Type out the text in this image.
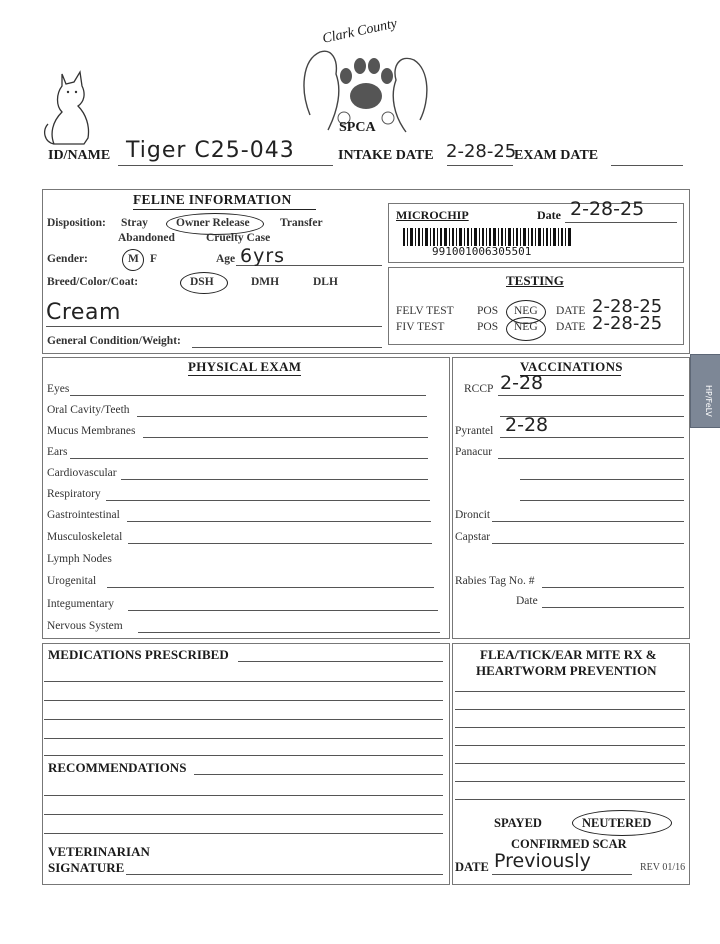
Clark County
SPCA
ID/NAME Tiger C25-043	INTAKE DATE 2-28-25
EXAM DATE
FELINE INFORMATION
Disposition: Stray Owner Release	Transfer
Abandoned	Cruelty Case
Gender:	M F	Age 6yrs
Breed/Color/Coat:	DSH	DMH	DLH
Cream
General Condition/Weight:
MICROCHIP	Date 2-28-25
991001006305501
TESTING
FELV TEST POS NEG DATE 2-28-25
FIV TEST	POS NEG DATE 2-28-25
PHYSICAL EXAM
Eyes
Oral Cavity/Teeth
Mucus Membranes
Ears
Cardiovascular
Respiratory
Gastrointestinal
Musculoskeletal
Lymph Nodes
Urogenital
Integumentary
Nervous System
VACCINATIONS
RCCP 2-28
Pyrantel 2-28
Panacur
Droncit
Capstar
Rabies Tag No. #
Date
MEDICATIONS PRESCRIBED
RECOMMENDATIONS
VETERINARIAN
SIGNATURE
FLEA/TICK/EAR MITE RX &
HEARTWORM PREVENTION
SPAYED	NEUTERED
CONFIRMED SCAR
DATE Previously	REV 01/16
HP/FeLV
